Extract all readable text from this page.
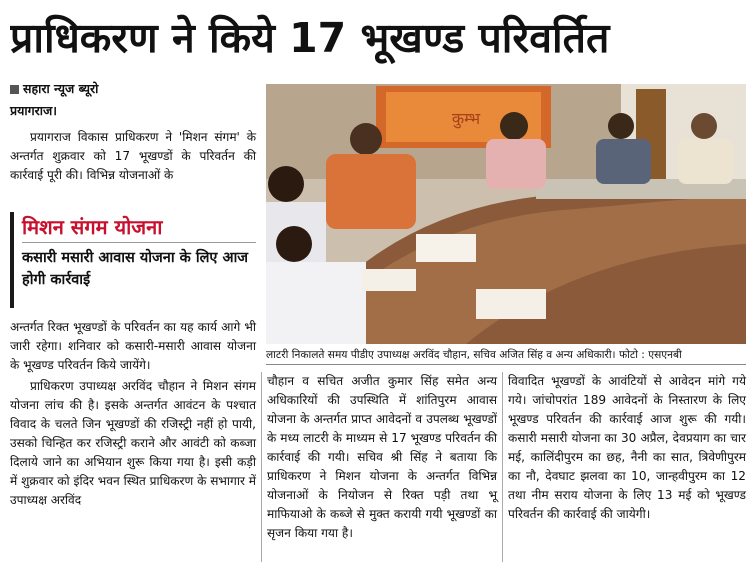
प्राधिकरण ने किये 17 भूखण्ड परिवर्तित
सहारा न्यूज ब्यूरो
प्रयागराज।

प्रयागराज विकास प्राधिकरण ने 'मिशन संगम' के अन्तर्गत शुक्रवार को 17 भूखण्डों के परिवर्तन की कार्रवाई पूरी की। विभिन्न योजनाओं के

मिशन संगम योजना
कसारी मसारी आवास योजना के लिए आज होगी कार्रवाई

अन्तर्गत रिक्त भूखण्डों के परिवर्तन का यह कार्य आगे भी जारी रहेगा। शनिवार को कसारी-मसारी आवास योजना के भूखण्ड परिवर्तन किये जायेंगे।

प्राधिकरण उपाध्यक्ष अरविंद चौहान ने मिशन संगम योजना लांच की है। इसके अन्तर्गत आवंटन के पश्चात विवाद के चलते जिन भूखण्डों की रजिस्ट्री नहीं हो पायी, उसको चिन्हित कर रजिस्ट्री कराने और आवंटी को कब्जा दिलाये जाने का अभियान शुरू किया गया है। इसी कड़ी में शुक्रवार को इंदिर भवन स्थित प्राधिकरण के सभागार में उपाध्यक्ष अरविंद

कुम्भ
लाटरी निकालते समय पीडीए उपाध्यक्ष अरविंद चौहान, सचिव अजित सिंह व अन्य अधिकारी। फोटो : एसएनबी

चौहान व सचित अजीत कुमार सिंह समेत अन्य अधिकारियों की उपस्थिति में शांतिपुरम आवास योजना के अन्तर्गत प्राप्त आवेदनों व उपलब्ध भूखण्डों के मध्य लाटरी के माध्यम से 17 भूखण्ड परिवर्तन की कार्रवाई की गयी। सचिव श्री सिंह ने बताया कि प्राधिकरण ने मिशन योजना के अन्तर्गत विभिन्न योजनाओं के नियोजन से रिक्त पड़ी तथा भू माफियाओ के कब्जे से मुक्त करायी गयी भूखण्डों का सृजन किया गया है।

विवादित भूखण्डों के आवंटियों से आवेदन मांगे गये गये। जांचोपरांत 189 आवेदनों के निस्तारण के लिए भूखण्ड परिवर्तन की कार्रवाई आज शुरू की गयी। कसारी मसारी योजना का 30 अप्रैल, देवप्रयाग का चार मई, कालिंदीपुरम का छह, नैनी का सात, त्रिवेणीपुरम का नौ, देवघाट झलवा का 10, जान्हवीपुरम का 12 तथा नीम सराय योजना के लिए 13 मई को भूखण्ड परिवर्तन की कार्रवाई की जायेगी।
